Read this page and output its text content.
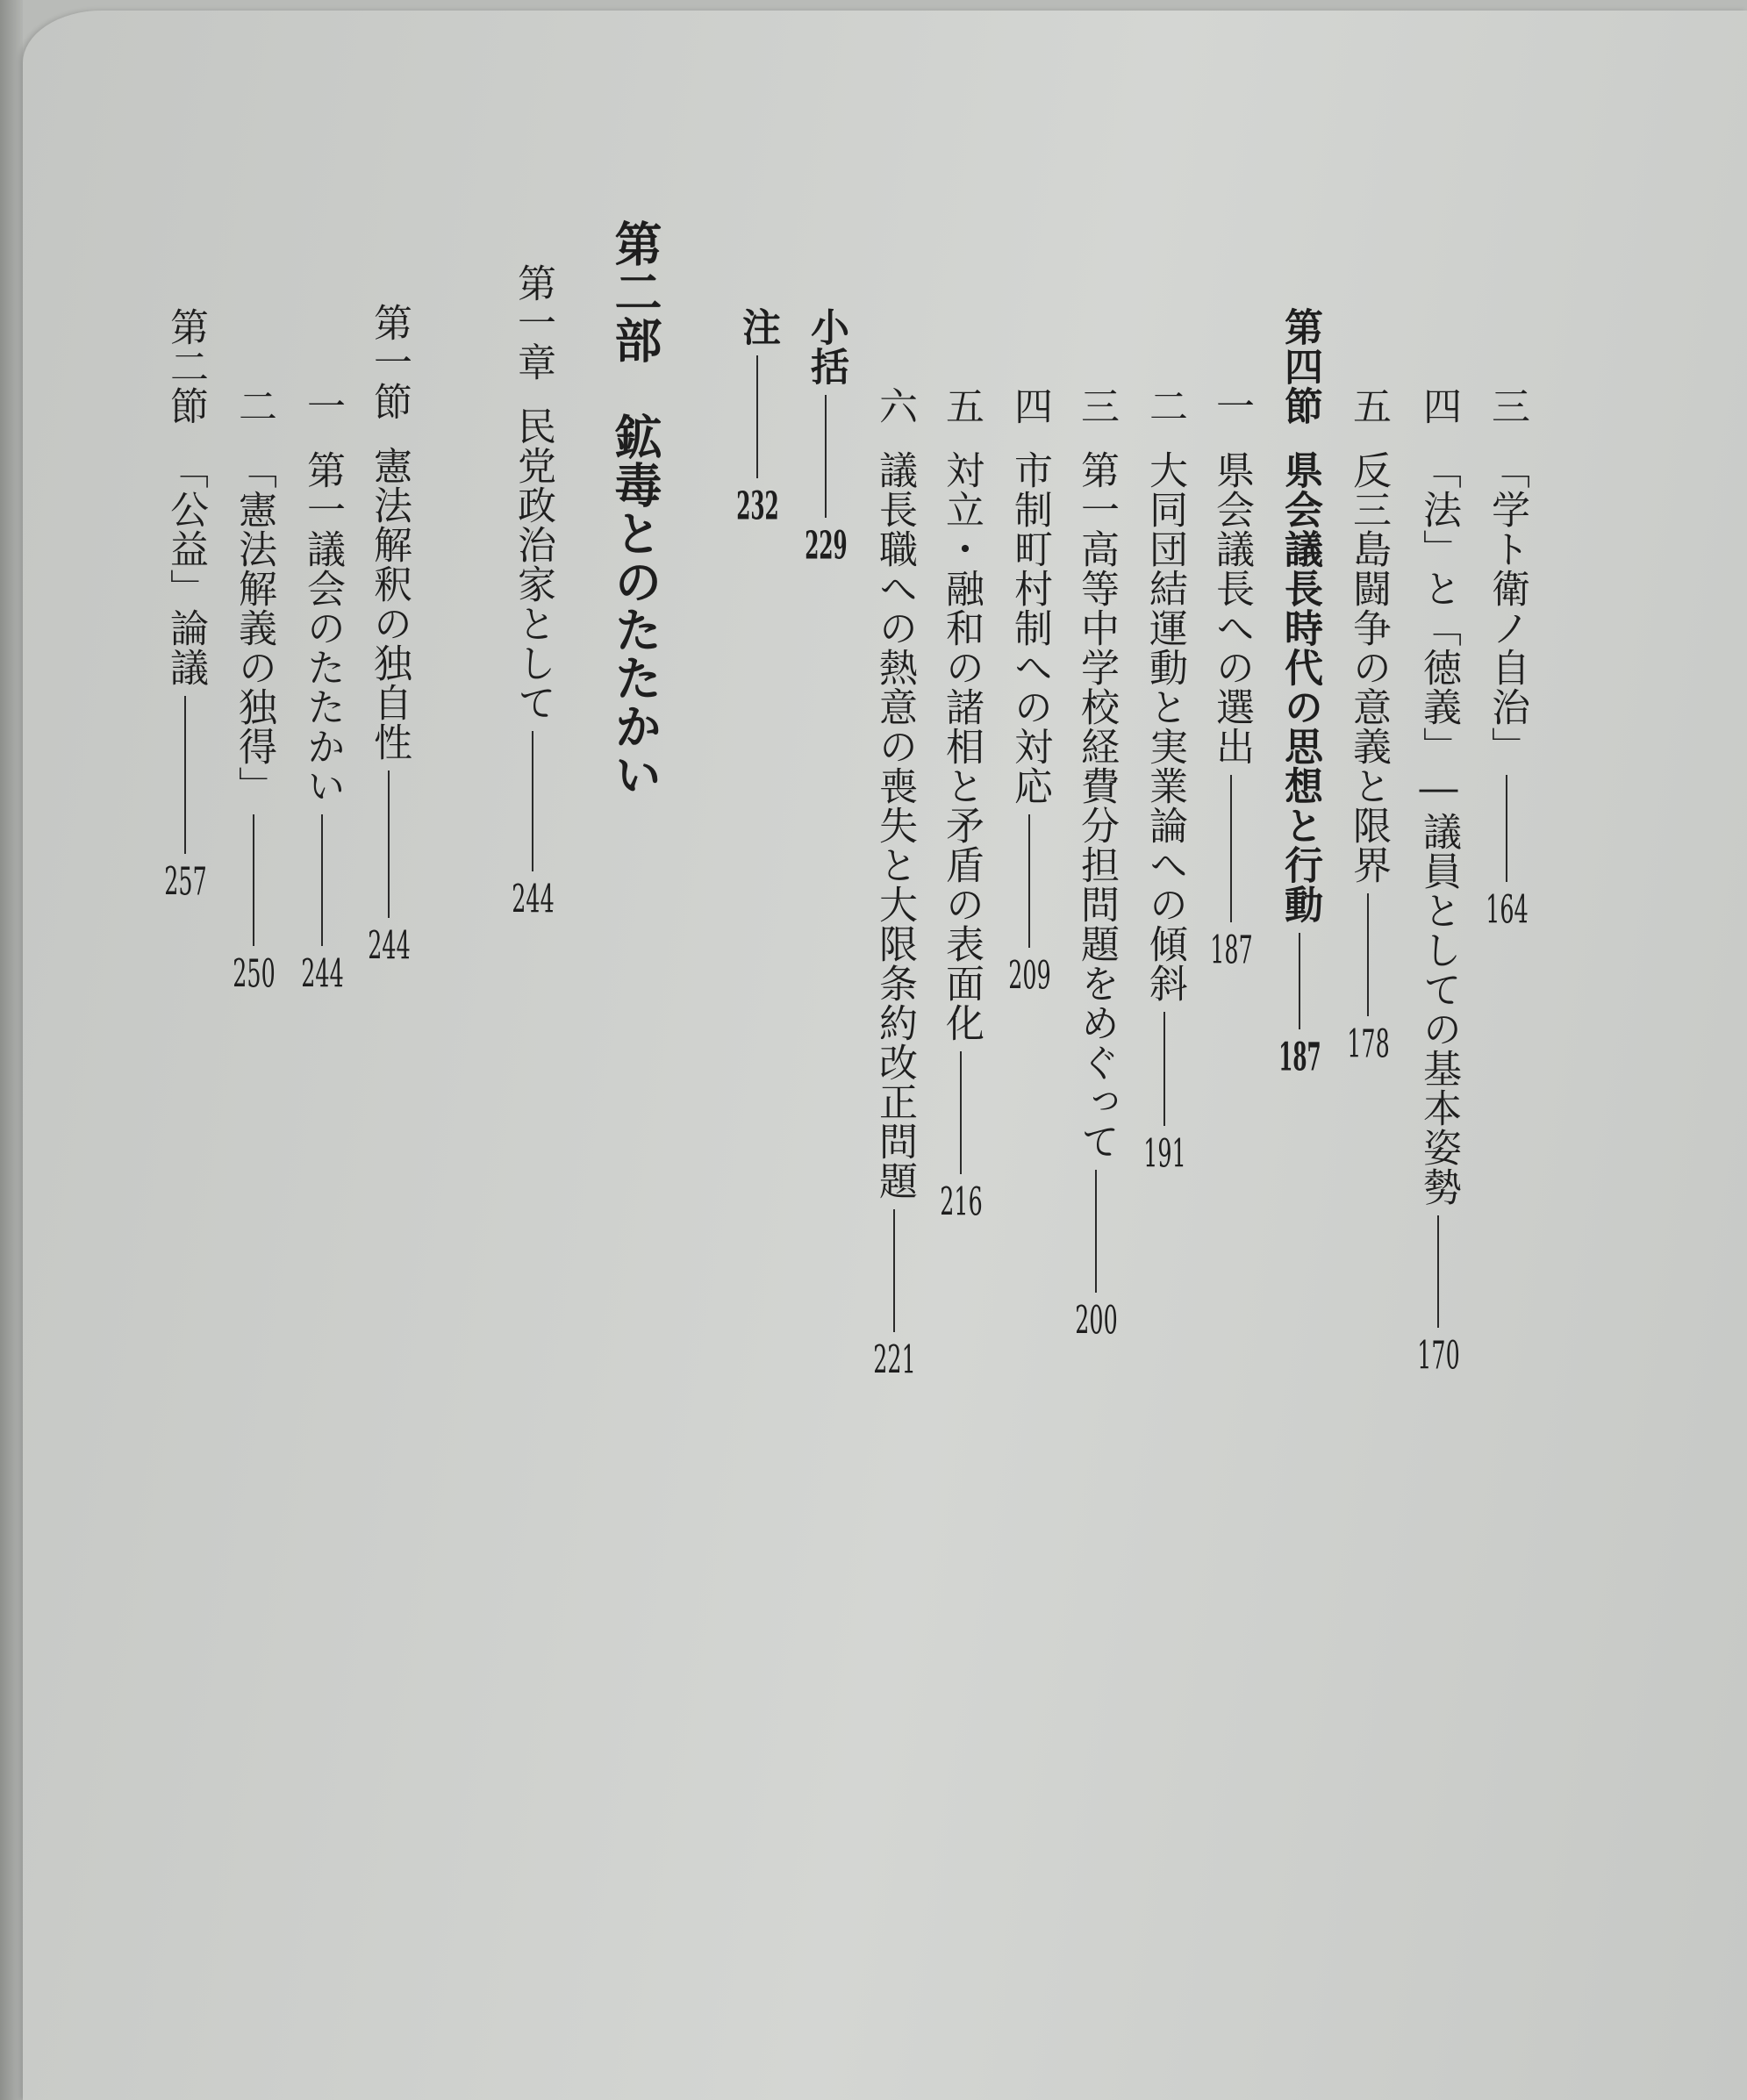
三「学ト衛ノ自治」164
四「法」と「徳義」―議員としての基本姿勢170
五反三島闘争の意義と限界178
第四節県会議長時代の思想と行動187
一県会議長への選出187
二大同団結運動と実業論への傾斜191
三第一高等中学校経費分担問題をめぐって200
四市制町村制への対応209
五対立・融和の諸相と矛盾の表面化216
六議長職への熱意の喪失と大限条約改正問題221
小括229
注232
第二部　鉱毒とのたたかい
第一章民党政治家として244
第一節憲法解釈の独自性244
一第一議会のたたかい244
二「憲法解義の独得」250
第二節「公益」論議257
